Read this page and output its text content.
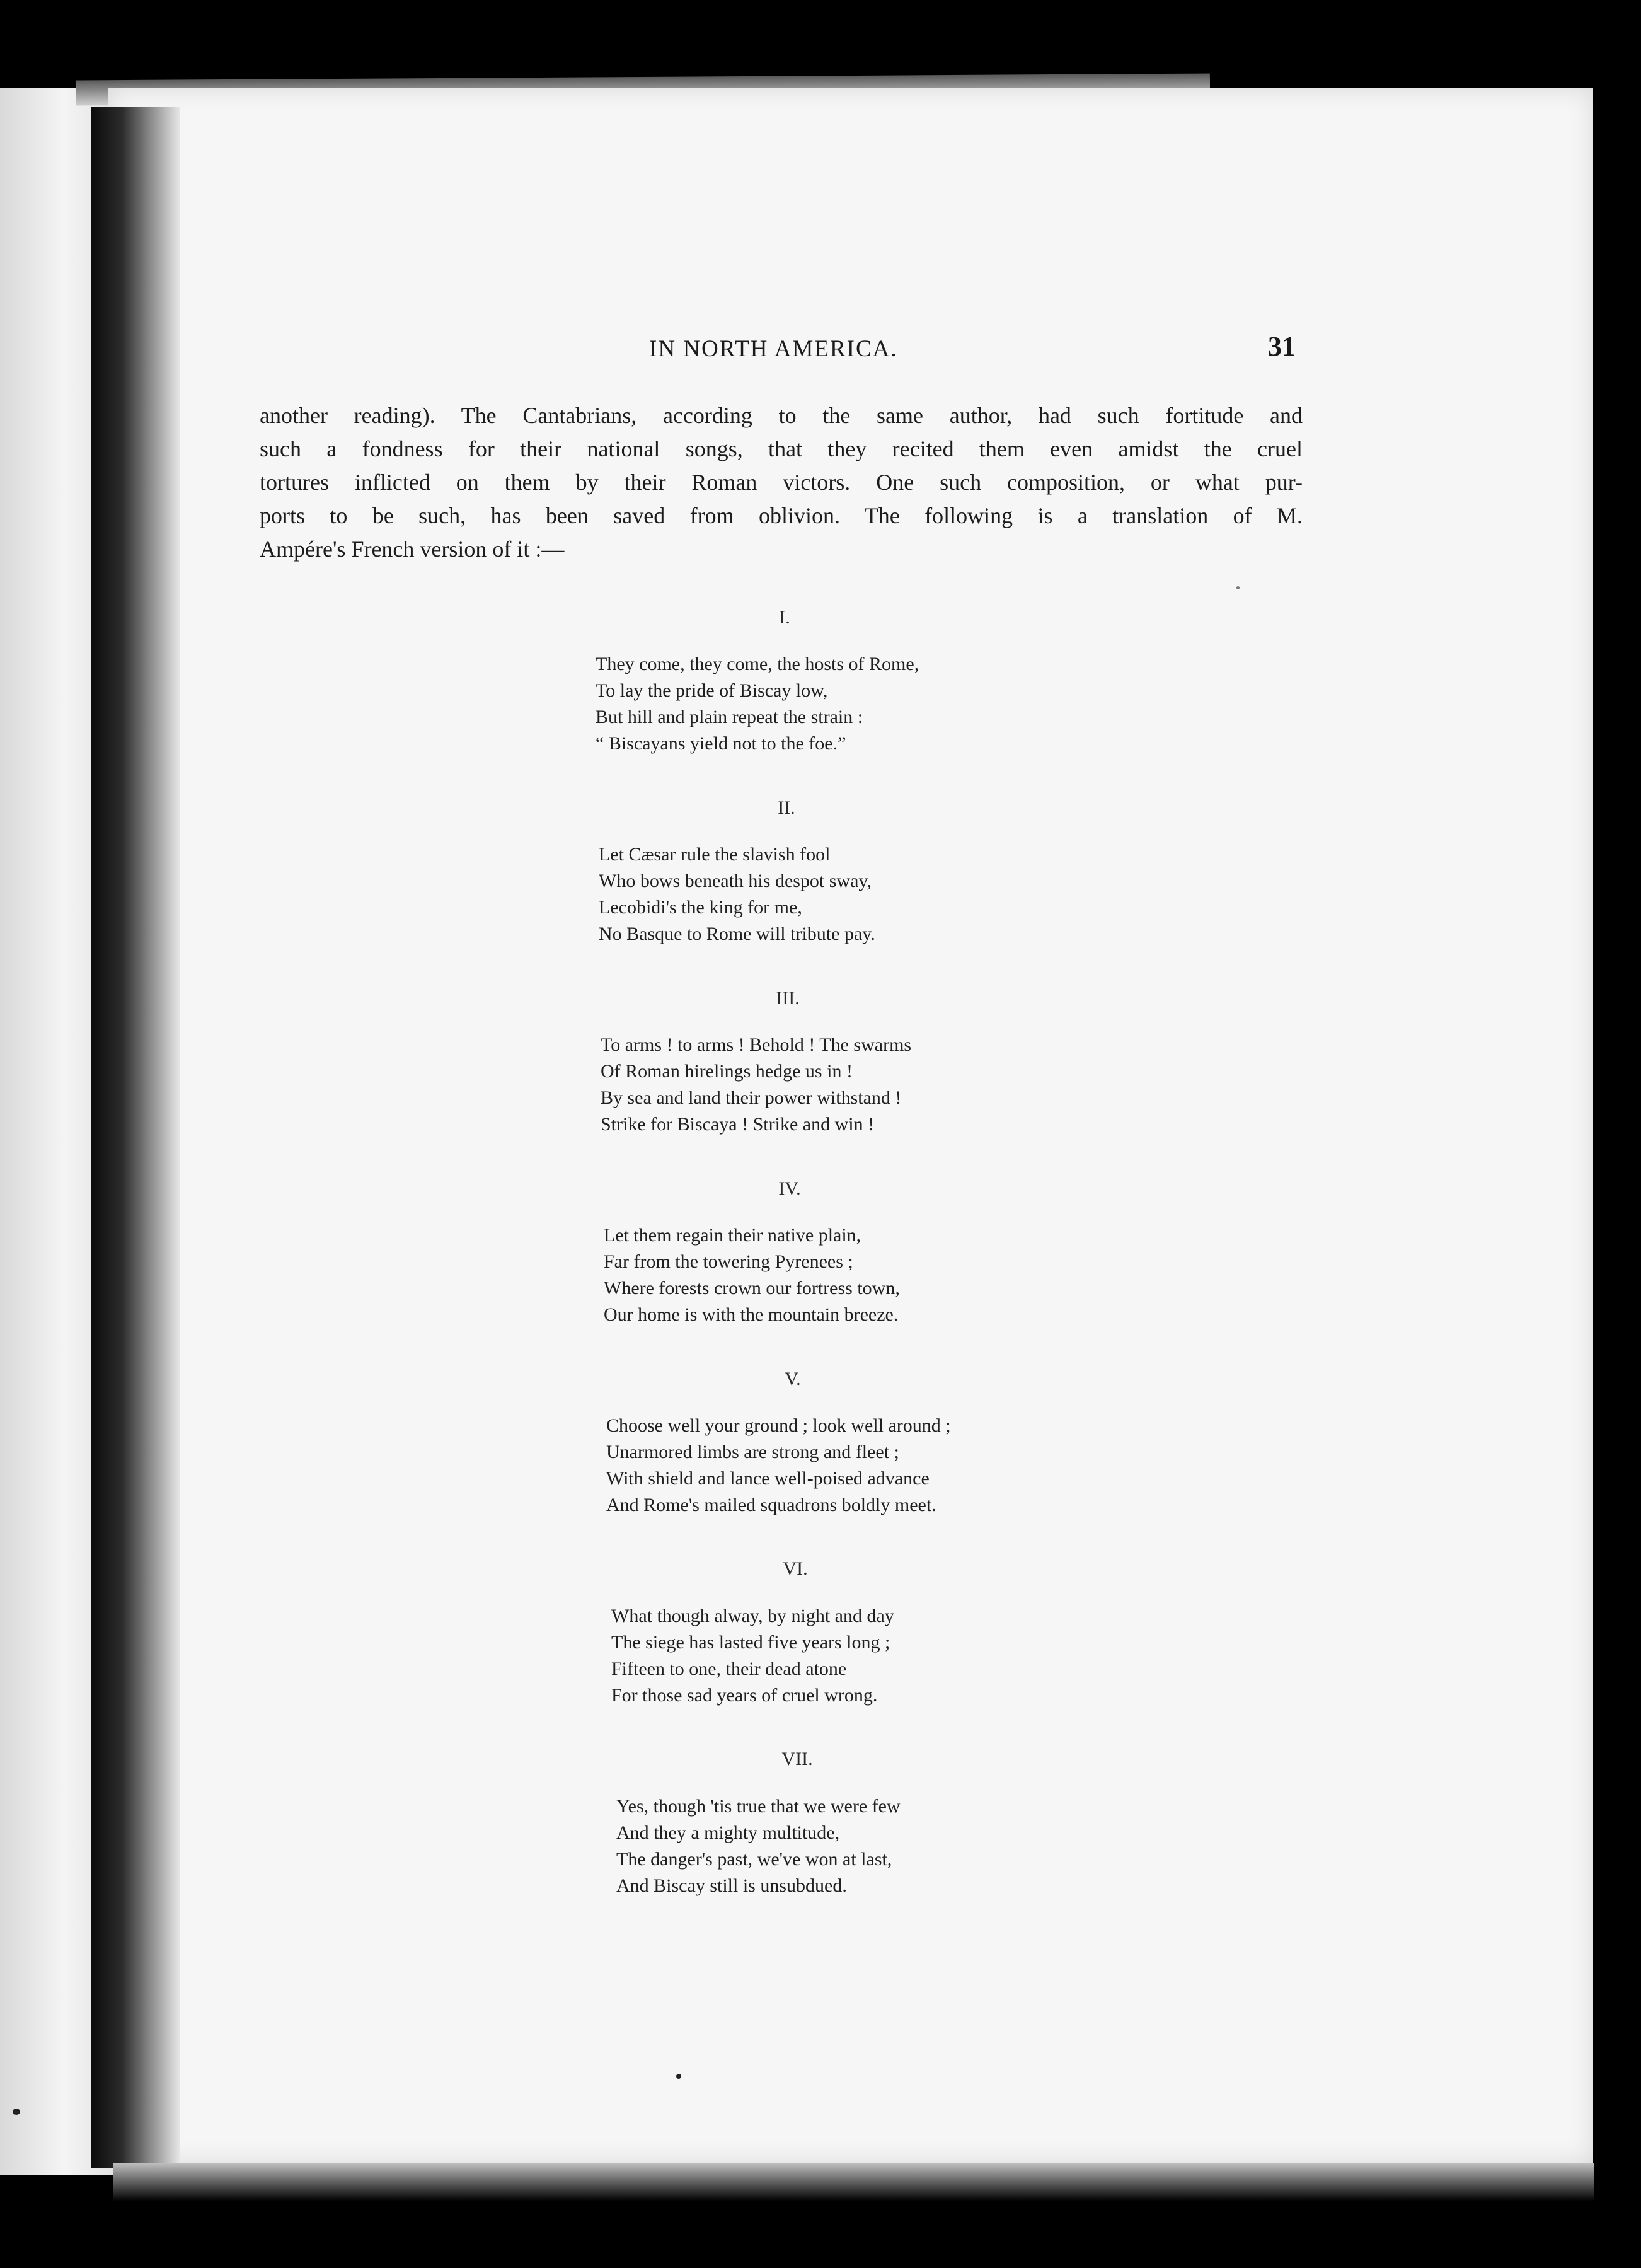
IN NORTH AMERICA.	31
another reading). The Cantabrians, according to the same author, had such fortitude and
such a fondness for their national songs, that they recited them even amidst the cruel
tortures inflicted on them by their Roman victors. One such composition, or what pur-
ports to be such, has been saved from oblivion. The following is a translation of M.
Ampére's French version of it :—
I.
They come, they come, the hosts of Rome,
To lay the pride of Biscay low,
But hill and plain repeat the strain :
“ Biscayans yield not to the foe.”
II.
Let Cæsar rule the slavish fool
Who bows beneath his despot sway,
Lecobidi's the king for me,
No Basque to Rome will tribute pay.
III.
To arms ! to arms ! Behold ! The swarms
Of Roman hirelings hedge us in !
By sea and land their power withstand !
Strike for Biscaya ! Strike and win !
IV.
Let them regain their native plain,
Far from the towering Pyrenees ;
Where forests crown our fortress town,
Our home is with the mountain breeze.
V.
Choose well your ground ; look well around ;
Unarmored limbs are strong and fleet ;
With shield and lance well-poised advance
And Rome's mailed squadrons boldly meet.
VI.
What though alway, by night and day
The siege has lasted five years long ;
Fifteen to one, their dead atone
For those sad years of cruel wrong.
VII.
Yes, though 'tis true that we were few
And they a mighty multitude,
The danger's past, we've won at last,
And Biscay still is unsubdued.
